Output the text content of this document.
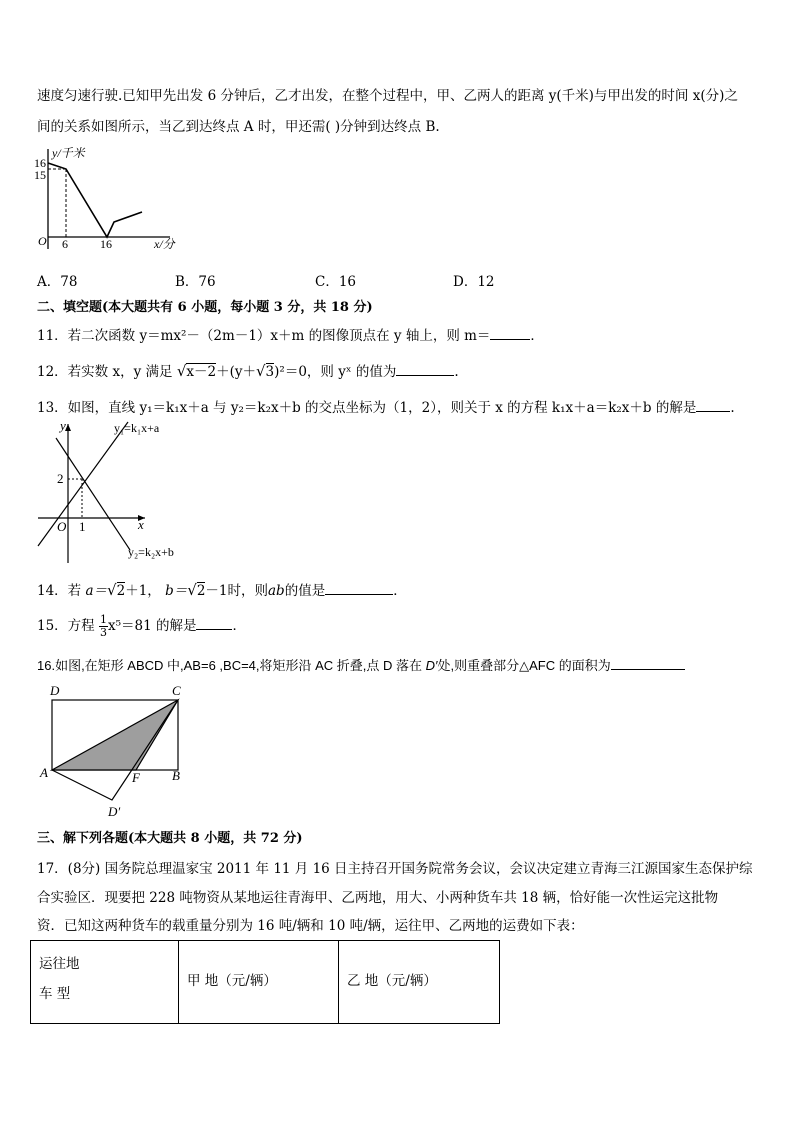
速度匀速行驶.已知甲先出发 6 分钟后，乙才出发，在整个过程中，甲、乙两人的距离 y(千米)与甲出发的时间 x(分)之
间的关系如图所示，当乙到达终点 A 时，甲还需( )分钟到达终点 B.
y/千米
16
15
O 6	16	x/分
A．78	B．76	C．16	D．12
二、填空题(本大题共有 6 小题，每小题 3 分，共 18 分)
11．若二次函数 y＝mx²－（2m－1）x＋m 的图像顶点在 y 轴上，则 m＝	．
12．若实数 x，y 满足 √x－2＋(y＋√3)²＝0，则 yˣ 的值为	.
13．如图，直线 y₁＝k₁x＋a 与 y₂＝k₂x＋b 的交点坐标为（1，2），则关于 x 的方程 k₁x＋a＝k₂x＋b 的解是	.
y
x
O
2
1
y₁=k₁x+a
y₂=k₂x+b
14．若 a＝√2＋1， b＝√2－1时，则ab的值是	．
15．方程 $\frac{1}{3} x^5=81$ 的解是	．
16.如图,在矩形 ABCD 中,AB=6 ,BC=4,将矩形沿 AC 折叠,点 D 落在 D′处,则重叠部分△AFC 的面积为
D	C
A	F B
D′
三、解下列各题(本大题共 8 小题，共 72 分)
17．(8分) 国务院总理温家宝 2011 年 11 月 16 日主持召开国务院常务会议，会议决定建立青海三江源国家生态保护综
合实验区．现要把 228 吨物资从某地运往青海甲、乙两地，用大、小两种货车共 18 辆，恰好能一次性运完这批物
资．已知这两种货车的载重量分别为 16 吨/辆和 10 吨/辆，运往甲、乙两地的运费如下表：
运往地
车 型
	甲 地（元/辆）	乙 地（元/辆）
